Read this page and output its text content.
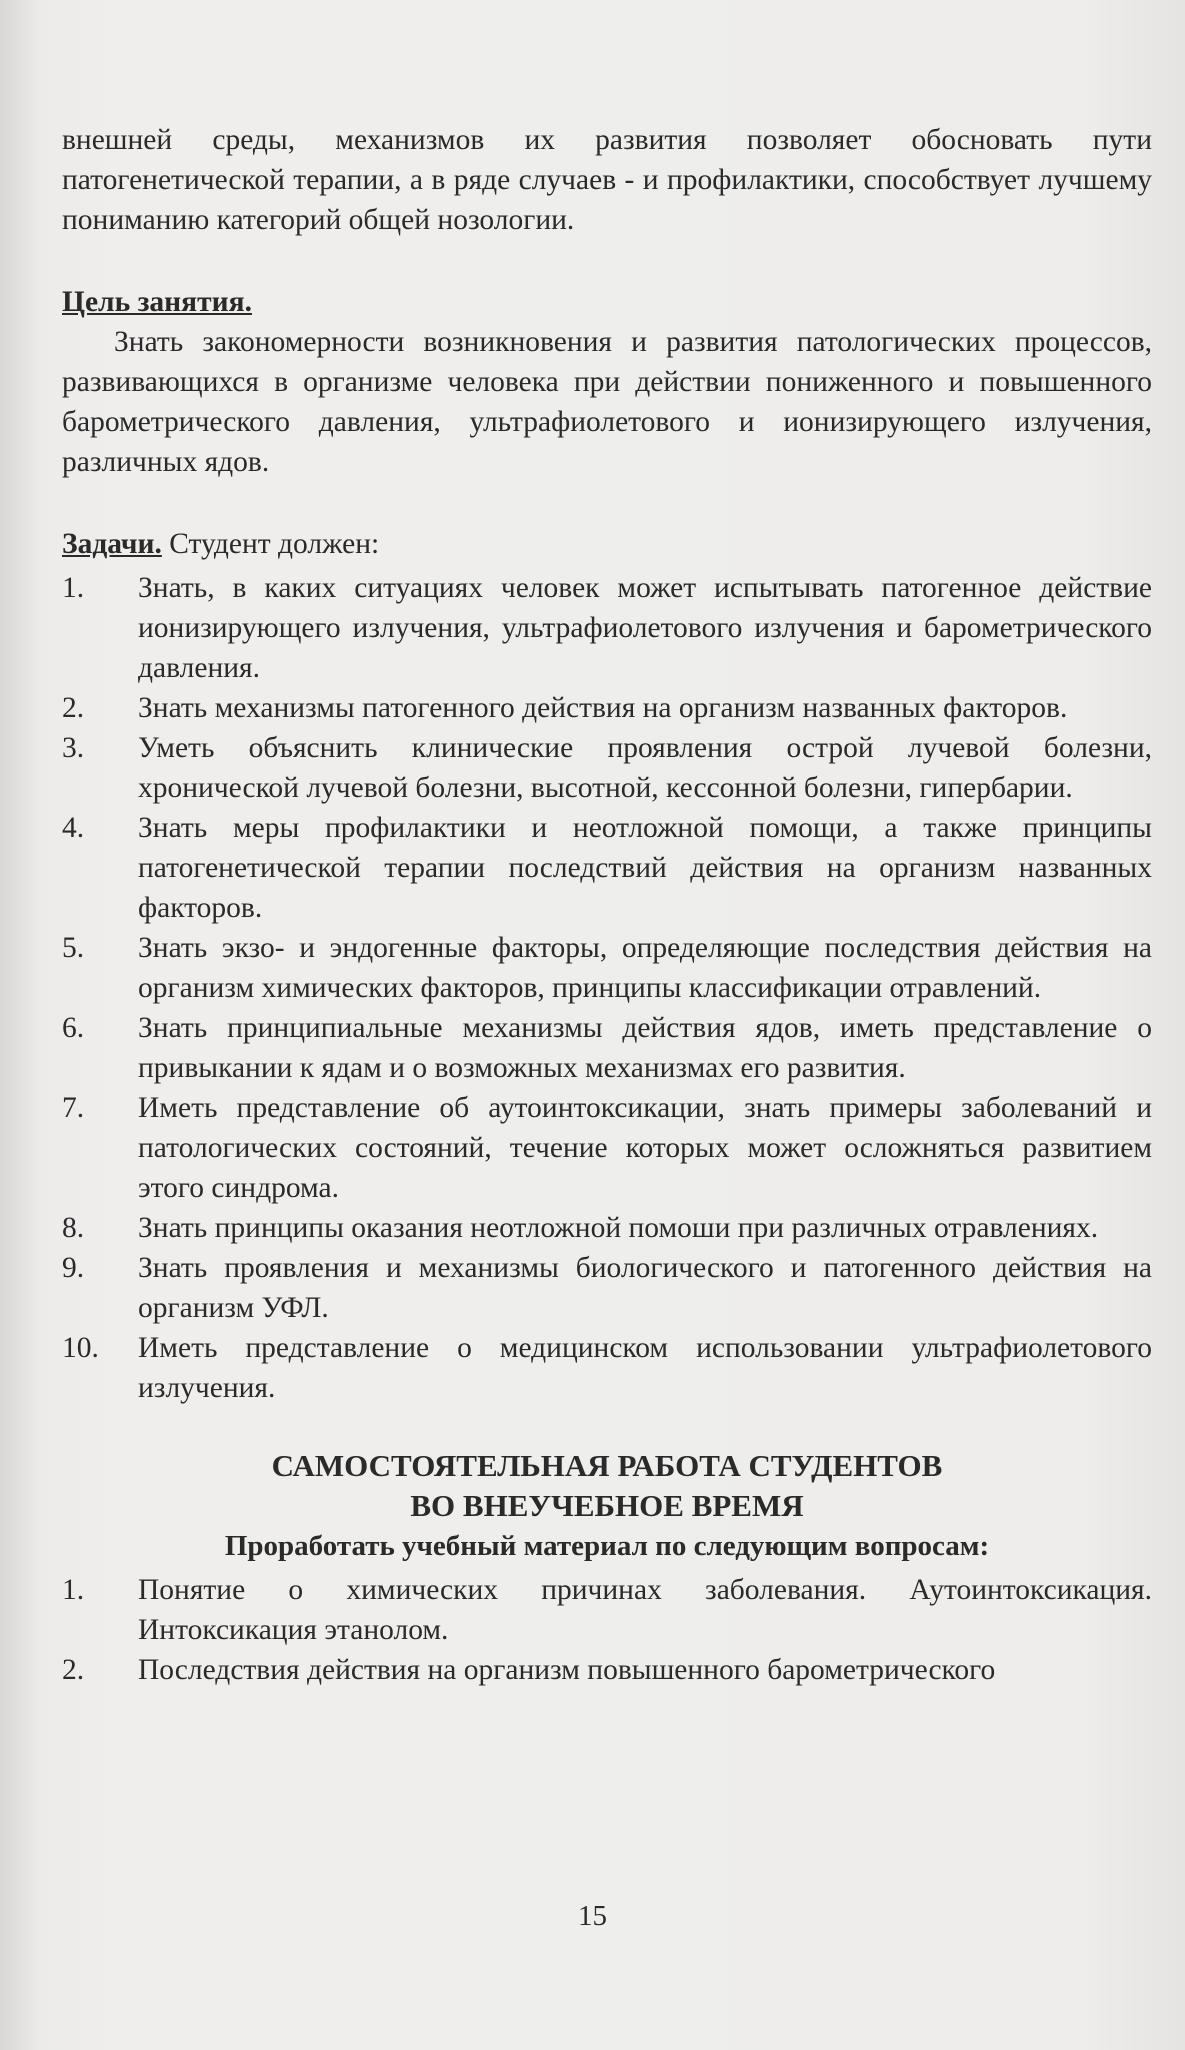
внешней среды, механизмов их развития позволяет обосновать пути патогенетической терапии, а в ряде случаев - и профилактики, способствует лучшему пониманию категорий общей нозологии.

Цель занятия.

Знать закономерности возникновения и развития патологических процессов, развивающихся в организме человека при действии пониженного и повышенного барометрического давления, ультрафиолетового и ионизирующего излучения, различных ядов.

Задачи. Студент должен:

1. Знать, в каких ситуациях человек может испытывать патогенное действие ионизирующего излучения, ультрафиолетового излучения и барометрического давления.
2. Знать механизмы патогенного действия на организм названных факторов.
3. Уметь объяснить клинические проявления острой лучевой болезни, хронической лучевой болезни, высотной, кессонной болезни, гипербарии.
4. Знать меры профилактики и неотложной помощи, а также принципы патогенетической терапии последствий действия на организм названных факторов.
5. Знать экзо- и эндогенные факторы, определяющие последствия действия на организм химических факторов, принципы классификации отравлений.
6. Знать принципиальные механизмы действия ядов, иметь представление о привыкании к ядам и о возможных механизмах его развития.
7. Иметь представление об аутоинтоксикации, знать примеры заболеваний и патологических состояний, течение которых может осложняться развитием этого синдрома.
8. Знать принципы оказания неотложной помоши при различных отравлениях.
9. Знать проявления и механизмы биологического и патогенного действия на организм УФЛ.
10. Иметь представление о медицинском использовании ультрафиолетового излучения.

САМОСТОЯТЕЛЬНАЯ РАБОТА СТУДЕНТОВ

ВО ВНЕУЧЕБНОЕ ВРЕМЯ

Проработать учебный материал по следующим вопросам:

1. Понятие о химических причинах заболевания. Аутоинтоксикация. Интоксикация этанолом.
2. Последствия действия на организм повышенного барометрического
15
